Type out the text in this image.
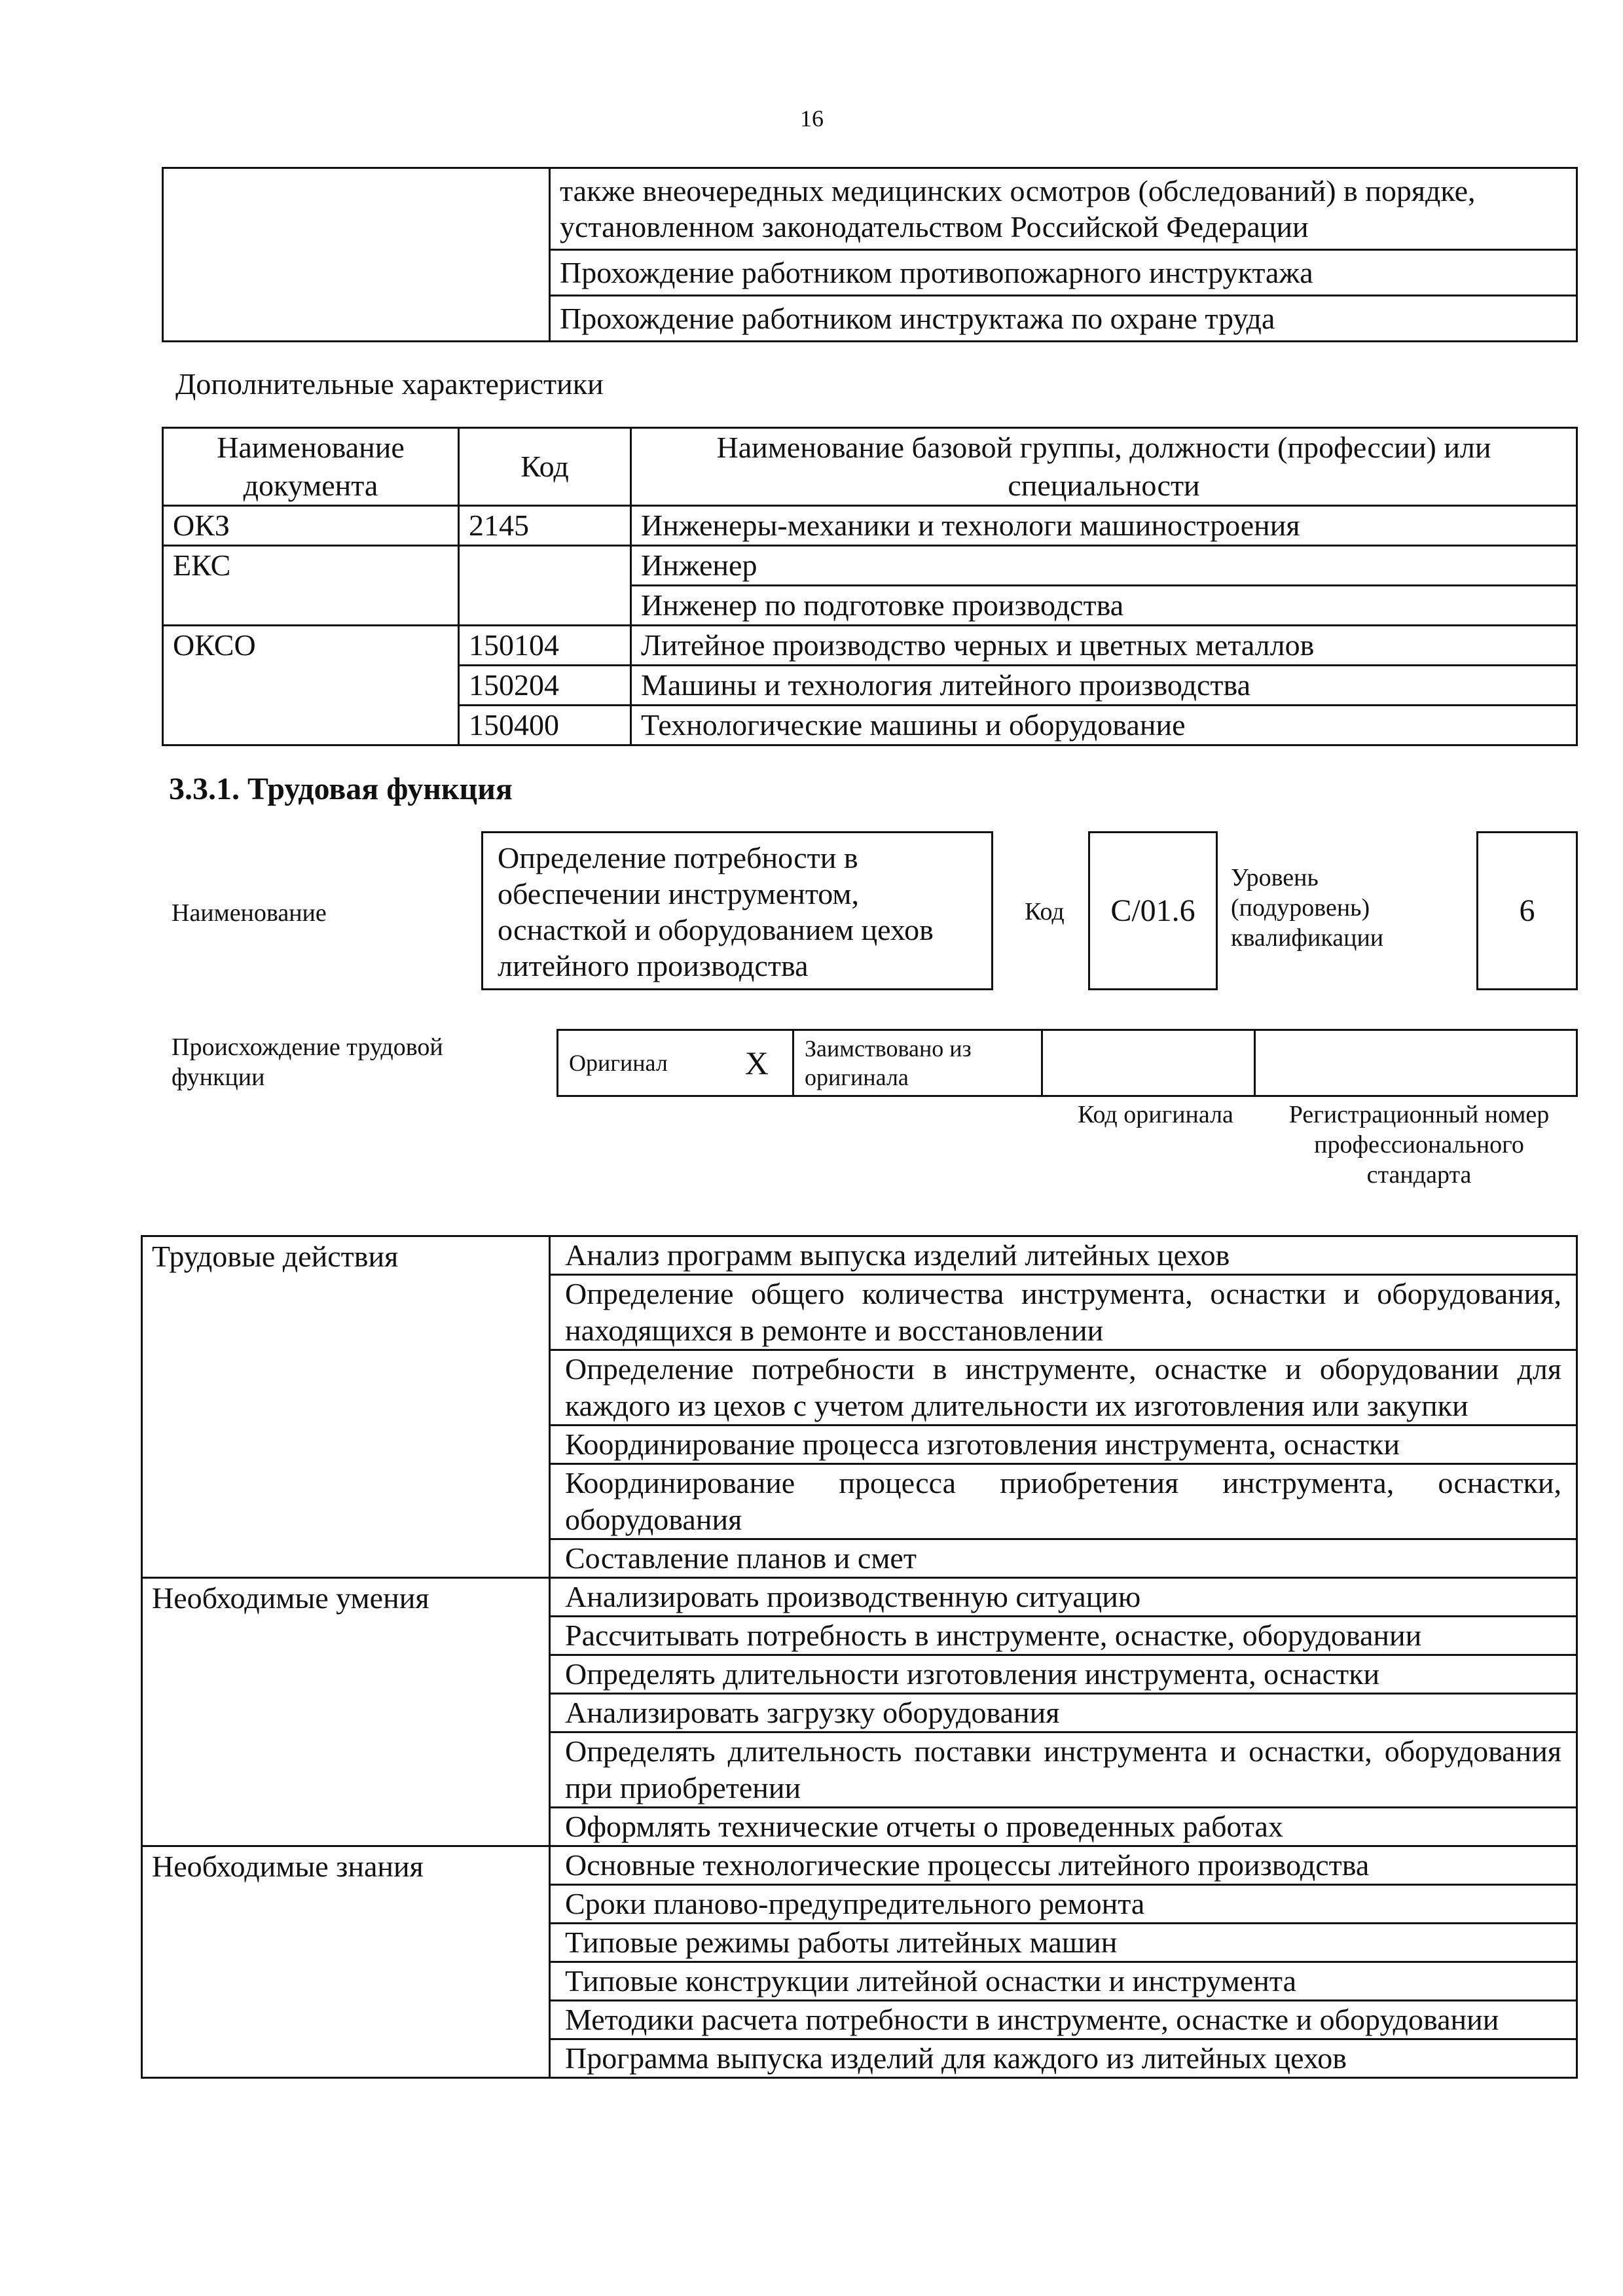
16
	также внеочередных медицинских осмотров (обследований) в порядке, установленном законодательством Российской Федерации
Прохождение работником противопожарного инструктажа
Прохождение работником инструктажа по охране труда
Дополнительные характеристики
Наименование документа	Код	Наименование базовой группы, должности (профессии) или специальности
ОКЗ	2145	Инженеры-механики и технологи машиностроения
ЕКС		Инженер
		Инженер по подготовке производства
ОКСО	150104	Литейное производство черных и цветных металлов
	150204	Машины и технология литейного производства
	150400	Технологические машины и оборудование
3.3.1. Трудовая функция
Наименование
Определение потребности в обеспечении инструментом, оснасткой и оборудованием цехов литейного производства
Код	C/01.6
Уровень (подуровень) квалификации
6
Происхождение трудовой функции
Оригинал	X	Заимствовано из оригинала		
Код оригинала	Регистрационный номер профессионального стандарта
Трудовые действия	Анализ программ выпуска изделий литейных цехов
	Определение общего количества инструмента, оснастки и оборудования, находящихся в ремонте и восстановлении
	Определение потребности в инструменте, оснастке и оборудовании для каждого из цехов с учетом длительности их изготовления или закупки
	Координирование процесса изготовления инструмента, оснастки
	Координирование процесса приобретения инструмента, оснастки, оборудования
	Составление планов и смет
Необходимые умения	Анализировать производственную ситуацию
	Рассчитывать потребность в инструменте, оснастке, оборудовании
	Определять длительности изготовления инструмента, оснастки
	Анализировать загрузку оборудования
	Определять длительность поставки инструмента и оснастки, оборудования при приобретении
	Оформлять технические отчеты о проведенных работах
Необходимые знания	Основные технологические процессы литейного производства
	Сроки планово-предупредительного ремонта
	Типовые режимы работы литейных машин
	Типовые конструкции литейной оснастки и инструмента
	Методики расчета потребности в инструменте, оснастке и оборудовании
	Программа выпуска изделий для каждого из литейных цехов
